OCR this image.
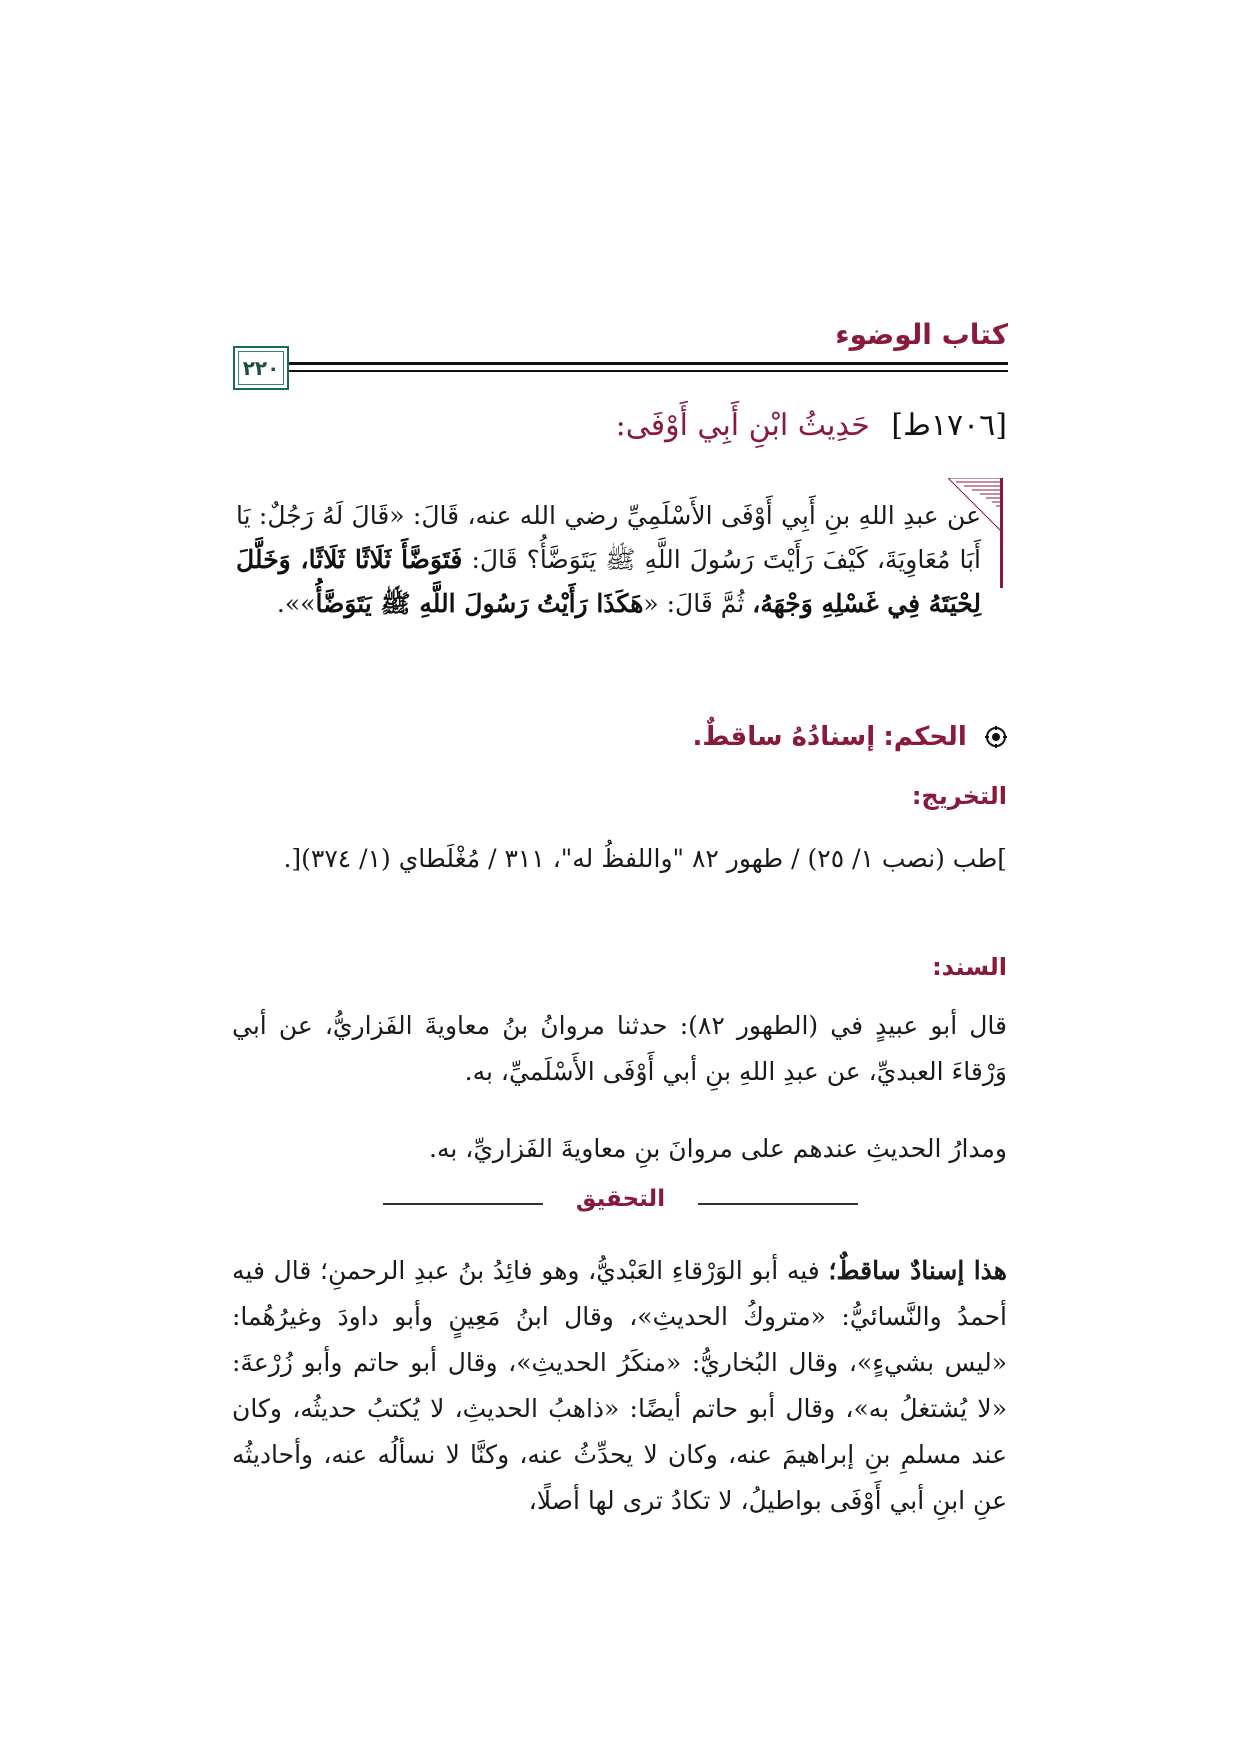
كتاب الوضوء
٢٢٠
[١٧٠٦ط] حَدِيثُ ابْنِ أَبِي أَوْفَى:
عن عبدِ اللهِ بنِ أَبِي أَوْفَى الأَسْلَمِيِّ رضي الله عنه، قَالَ: «قَالَ لَهُ رَجُلٌ: يَا أَبَا مُعَاوِيَةَ، كَيْفَ رَأَيْتَ رَسُولَ اللَّهِ ﷺ يَتَوَضَّأُ؟ قَالَ: فَتَوَضَّأَ ثَلَاثًا ثَلَاثًا، وَخَلَّلَ لِحْيَتَهُ فِي غَسْلِهِ وَجْهَهُ، ثُمَّ قَالَ: «هَكَذَا رَأَيْتُ رَسُولَ اللَّهِ ﷺ يَتَوَضَّأُ»».
الحكم: إسنادُهُ ساقطٌ.
التخريج:
]طب (نصب ١/ ٢٥) / طهور ٨٢ "واللفظُ له"، ٣١١ / مُغْلَطاي (١/ ٣٧٤)[.
السند:
قال أبو عبيدٍ في (الطهور ٨٢): حدثنا مروانُ بنُ معاويةَ الفَزاريُّ، عن أبي وَرْقاءَ العبديِّ، عن عبدِ اللهِ بنِ أبي أَوْفَى الأَسْلَميِّ، به.
ومدارُ الحديثِ عندهم على مروانَ بنِ معاويةَ الفَزاريِّ، به.
التحقيق
هذا إسنادٌ ساقطٌ؛ فيه أبو الوَرْقاءِ العَبْديُّ، وهو فائِدُ بنُ عبدِ الرحمنِ؛ قال فيه أحمدُ والنَّسائيُّ: «متروكُ الحديثِ»، وقال ابنُ مَعِينٍ وأبو داودَ وغيرُهُما: «ليس بشيءٍ»، وقال البُخاريُّ: «منكَرُ الحديثِ»، وقال أبو حاتم وأبو زُرْعةَ: «لا يُشتغلُ به»، وقال أبو حاتم أيضًا: «ذاهبُ الحديثِ، لا يُكتبُ حديثُه، وكان عند مسلمِ بنِ إبراهيمَ عنه، وكان لا يحدِّثُ عنه، وكنَّا لا نسألُه عنه، وأحاديثُه عنِ ابنِ أبي أَوْفَى بواطيلُ، لا تكادُ ترى لها أصلًا،
